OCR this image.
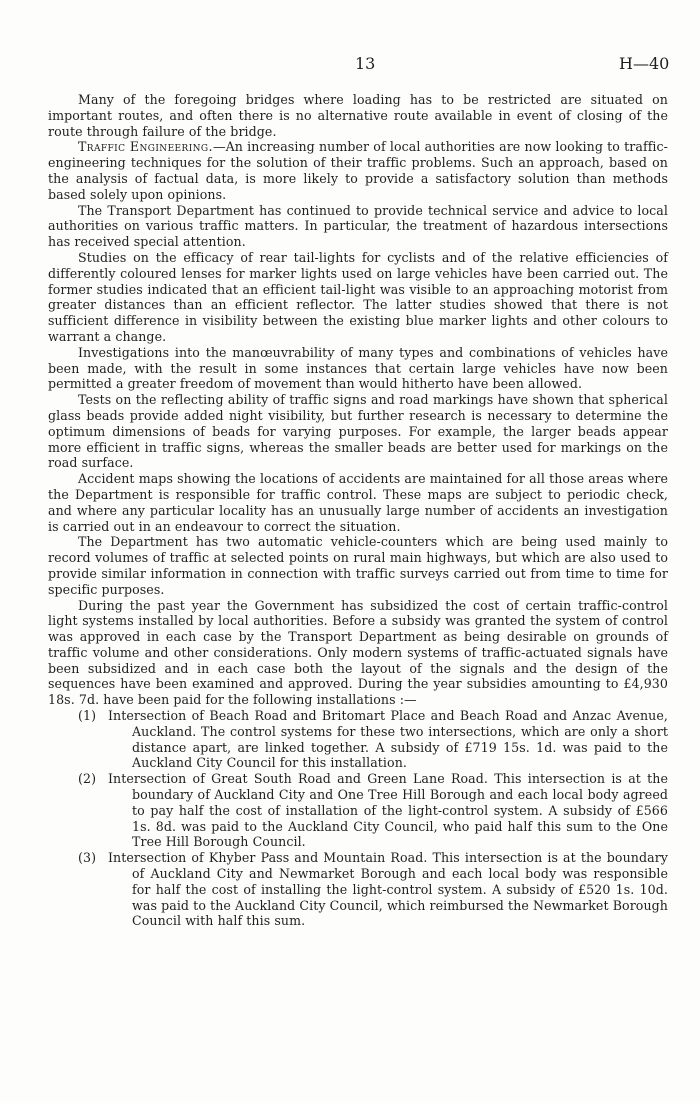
13	H—40

Many of the foregoing bridges where loading has to be restricted are situated on important routes, and often there is no alternative route available in event of closing of the route through failure of the bridge.

Traffic Engineering.—An increasing number of local authorities are now looking to traffic-engineering techniques for the solution of their traffic problems. Such an approach, based on the analysis of factual data, is more likely to provide a satisfactory solution than methods based solely upon opinions.

The Transport Department has continued to provide technical service and advice to local authorities on various traffic matters. In particular, the treatment of hazardous intersections has received special attention.

Studies on the efficacy of rear tail-lights for cyclists and of the relative efficiencies of differently coloured lenses for marker lights used on large vehicles have been carried out. The former studies indicated that an efficient tail-light was visible to an approaching motorist from greater distances than an efficient reflector. The latter studies showed that there is not sufficient difference in visibility between the existing blue marker lights and other colours to warrant a change.

Investigations into the manœuvrability of many types and combinations of vehicles have been made, with the result in some instances that certain large vehicles have now been permitted a greater freedom of movement than would hitherto have been allowed.

Tests on the reflecting ability of traffic signs and road markings have shown that spherical glass beads provide added night visibility, but further research is necessary to determine the optimum dimensions of beads for varying purposes. For example, the larger beads appear more efficient in traffic signs, whereas the smaller beads are better used for markings on the road surface.

Accident maps showing the locations of accidents are maintained for all those areas where the Department is responsible for traffic control. These maps are subject to periodic check, and where any particular locality has an unusually large number of accidents an investigation is carried out in an endeavour to correct the situation.

The Department has two automatic vehicle-counters which are being used mainly to record volumes of traffic at selected points on rural main highways, but which are also used to provide similar information in connection with traffic surveys carried out from time to time for specific purposes.

During the past year the Government has subsidized the cost of certain traffic-control light systems installed by local authorities. Before a subsidy was granted the system of control was approved in each case by the Transport Department as being desirable on grounds of traffic volume and other considerations. Only modern systems of traffic-actuated signals have been subsidized and in each case both the layout of the signals and the design of the sequences have been examined and approved. During the year subsidies amounting to £4,930 18s. 7d. have been paid for the following installations :—

(1) Intersection of Beach Road and Britomart Place and Beach Road and Anzac Avenue, Auckland. The control systems for these two intersections, which are only a short distance apart, are linked together. A subsidy of £719 15s. 1d. was paid to the Auckland City Council for this installation.
(2) Intersection of Great South Road and Green Lane Road. This intersection is at the boundary of Auckland City and One Tree Hill Borough and each local body agreed to pay half the cost of installation of the light-control system. A subsidy of £566 1s. 8d. was paid to the Auckland City Council, who paid half this sum to the One Tree Hill Borough Council.
(3) Intersection of Khyber Pass and Mountain Road. This intersection is at the boundary of Auckland City and Newmarket Borough and each local body was responsible for half the cost of installing the light-control system. A subsidy of £520 1s. 10d. was paid to the Auckland City Council, which reimbursed the Newmarket Borough Council with half this sum.
